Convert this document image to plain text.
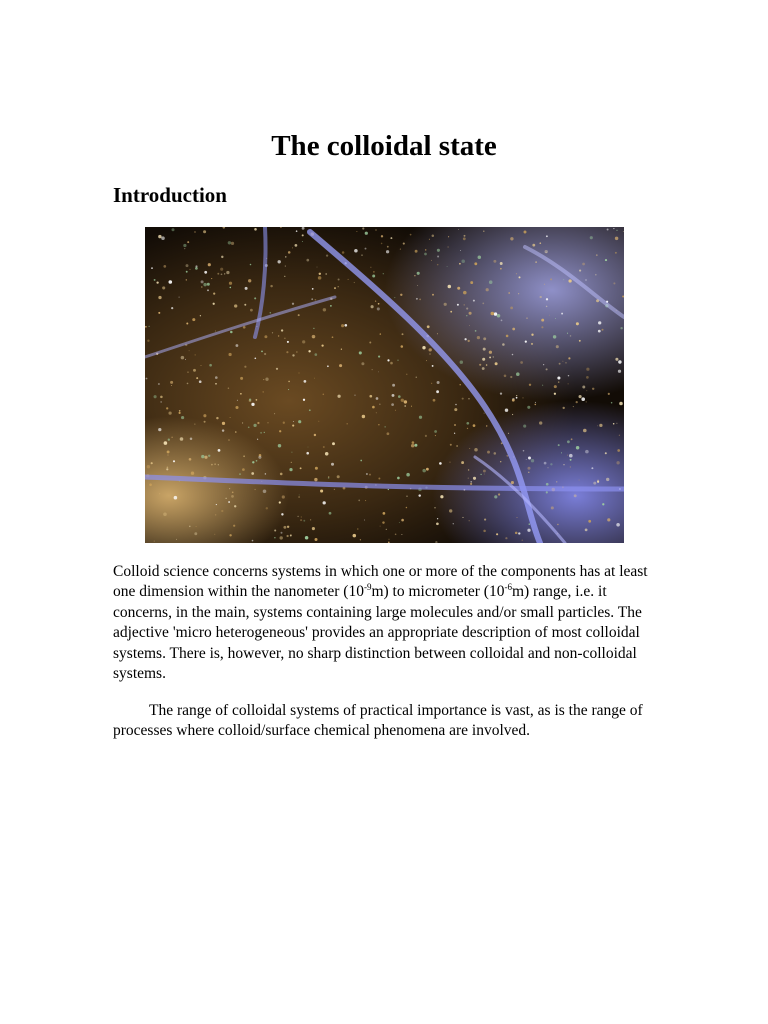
The colloidal state
Introduction

Colloid science concerns systems in which one or more of the components has at least one dimension within the nanometer $(10^{-9}m)$ to micrometer $(10^{-6}m)$ range, i.e. it concerns, in the main, systems containing large molecules and/or small particles. The adjective 'micro heterogeneous' provides an appropriate description of most colloidal systems. There is, however, no sharp distinction between colloidal and non-colloidal systems.

The range of colloidal systems of practical importance is vast, as is the range of processes where colloid/surface chemical phenomena are involved.
